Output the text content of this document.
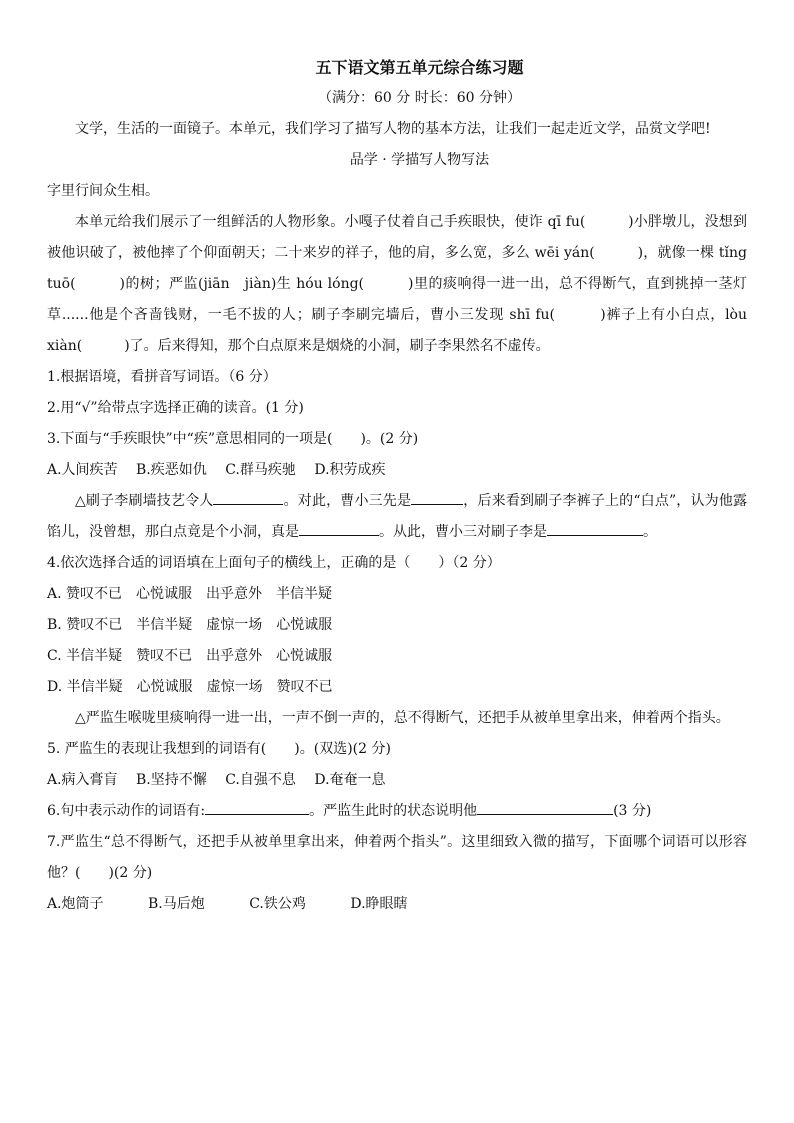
五下语文第五单元综合练习题
（满分：60 分 时长：60 分钟）
文学，生活的一面镜子。本单元，我们学习了描写人物的基本方法，让我们一起走近文学，品赏文学吧!
品学 · 学描写人物写法
字里行间众生相。
本单元给我们展示了一组鲜活的人物形象。小嘎子仗着自己手疾眼快，使诈 qī fu(　　　)小胖墩儿，没想到被他识破了，被他摔了个仰面朝天；二十来岁的祥子，他的肩，多么宽，多么 wēi yán(　　　)，就像一棵 tǐng　tuō(　　　)的树；严监(jiān　jiàn)生 hóu lóng(　　　)里的痰响得一进一出，总不得断气，直到挑掉一茎灯草......他是个吝啬钱财，一毛不拔的人；刷子李刷完墙后，曹小三发现 shī fu(　　　)裤子上有小白点，lòu xiàn(　　　)了。后来得知，那个白点原来是烟烧的小洞，刷子李果然名不虚传。
1.根据语境，看拼音写词语。（6 分）
2.用“√”给带点字选择正确的读音。(1 分)
3.下面与“手疾眼快”中“疾”意思相同的一项是(　　)。(2 分)
A.人间疾苦 B.疾恶如仇 C.群马疾驰 D.积劳成疾
△刷子李刷墙技艺令人	。对此，曹小三先是	，后来看到刷子李裤子上的“白点”，认为他露馅儿，没曾想，那白点竟是个小洞，真是	。从此，曹小三对刷子李是	。
4.依次选择合适的词语填在上面句子的横线上，正确的是（　　）（2 分）
A. 赞叹不已　心悦诚服　出乎意外　半信半疑
B. 赞叹不已　半信半疑　虚惊一场　心悦诚服
C. 半信半疑　赞叹不已　出乎意外　心悦诚服
D. 半信半疑　心悦诚服　虚惊一场　赞叹不已
△严监生喉咙里痰响得一进一出，一声不倒一声的，总不得断气，还把手从被单里拿出来，伸着两个指头。
5. 严监生的表现让我想到的词语有(　　)。(双选)(2 分)
A.病入膏肓 B.坚持不懈 C.自强不息 D.奄奄一息
6.句中表示动作的词语有:	。严监生此时的状态说明他	(3 分)
7.严监生“总不得断气，还把手从被单里拿出来，伸着两个指头”。这里细致入微的描写，下面哪个词语可以形容他？(　　)(2 分)
A.炮筒子	B.马后炮	C.铁公鸡	D.睁眼瞎
